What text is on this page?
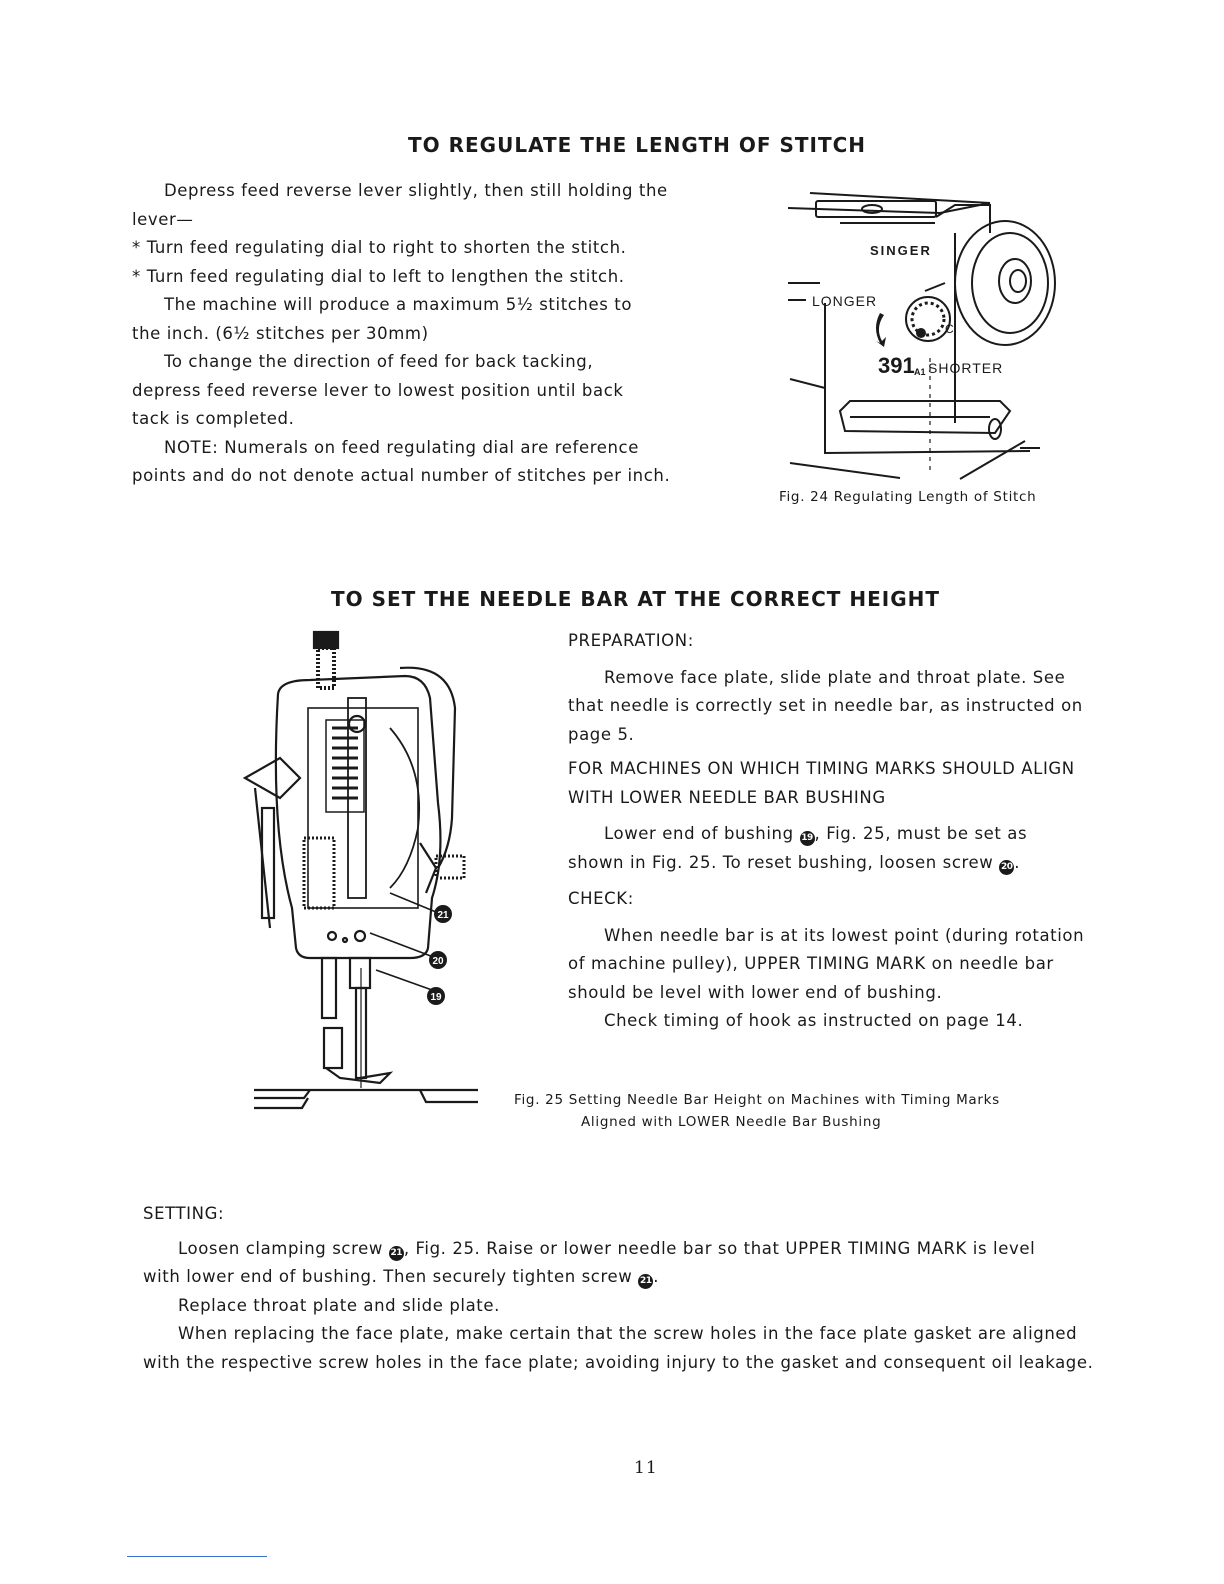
TO REGULATE THE LENGTH OF STITCH

Depress feed reverse lever slightly, then still holding the

lever—

* Turn feed regulating dial to right to shorten the stitch.

* Turn feed regulating dial to left to lengthen the stitch.

The machine will produce a maximum 5½ stitches to

the inch. (6½ stitches per 30mm)

To change the direction of feed for back tacking,

depress feed reverse lever to lowest position until back

tack is completed.

NOTE: Numerals on feed regulating dial are reference

points and do not denote actual number of stitches per inch.

SINGER
LONGER
C
391 A1 SHORTER
Fig. 24 Regulating Length of Stitch
TO SET THE NEEDLE BAR AT THE CORRECT HEIGHT
21
20
19

PREPARATION:

Remove face plate, slide plate and throat plate. See

that needle is correctly set in needle bar, as instructed on

page 5.

FOR MACHINES ON WHICH TIMING MARKS SHOULD ALIGN

WITH LOWER NEEDLE BAR BUSHING

Lower end of bushing 19 , Fig. 25, must be set as

shown in Fig. 25. To reset bushing, loosen screw 20 .

CHECK:

When needle bar is at its lowest point (during rotation

of machine pulley), UPPER TIMING MARK on needle bar

should be level with lower end of bushing.

Check timing of hook as instructed on page 14.

Fig. 25 Setting Needle Bar Height on Machines with Timing Marks
Aligned with LOWER Needle Bar Bushing

SETTING:

Loosen clamping screw 21 , Fig. 25. Raise or lower needle bar so that UPPER TIMING MARK is level

with lower end of bushing. Then securely tighten screw 21 .

Replace throat plate and slide plate.

When replacing the face plate, make certain that the screw holes in the face plate gasket are aligned

with the respective screw holes in the face plate; avoiding injury to the gasket and consequent oil leakage.

11
